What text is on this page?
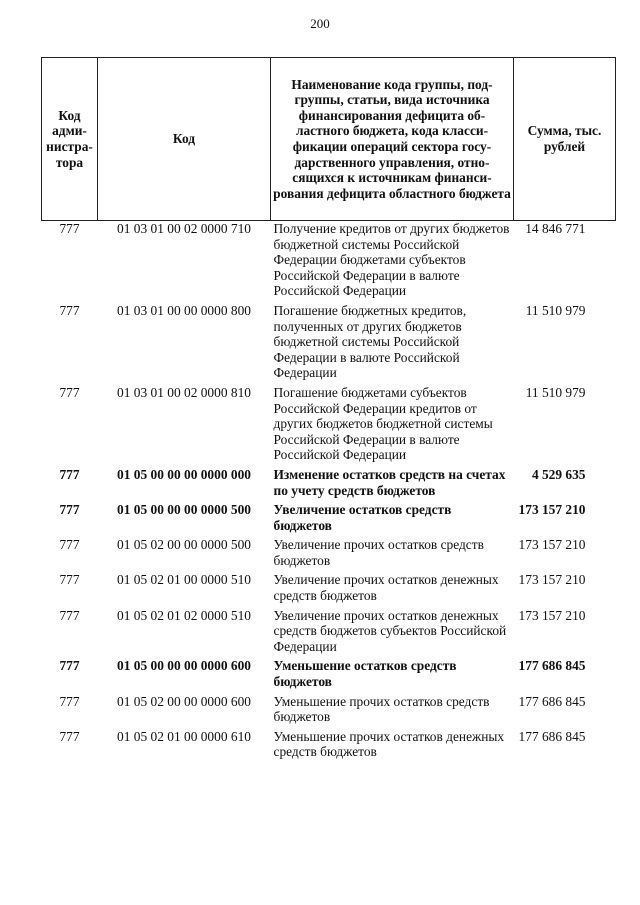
200
Код адми-нистра-тора	Код	Наименование кода группы, под-группы, статьи, вида источника финансирования дефицита об-ластного бюджета, кода класси-фикации операций сектора госу-дарственного управления, отно-сящихся к источникам финанси-рования дефицита областного бюджета	Сумма, тыс. рублей
777	01 03 01 00 02 0000 710	Получение кредитов от других бюджетов бюджетной системы Российской Федерации бюджетами субъектов Российской Федерации в валюте Российской Федерации	14 846 771
777	01 03 01 00 00 0000 800	Погашение бюджетных кредитов, полученных от других бюджетов бюджетной системы Российской Федерации в валюте Российской Федерации	11 510 979
777	01 03 01 00 02 0000 810	Погашение бюджетами субъектов Российской Федерации кредитов от других бюджетов бюджетной системы Российской Федерации в валюте Российской Федерации	11 510 979
777	01 05 00 00 00 0000 000	Изменение остатков средств на счетах по учету средств бюджетов	4 529 635
777	01 05 00 00 00 0000 500	Увеличение остатков средств бюджетов	173 157 210
777	01 05 02 00 00 0000 500	Увеличение прочих остатков средств бюджетов	173 157 210
777	01 05 02 01 00 0000 510	Увеличение прочих остатков денежных средств бюджетов	173 157 210
777	01 05 02 01 02 0000 510	Увеличение прочих остатков денежных средств бюджетов субъектов Российской Федерации	173 157 210
777	01 05 00 00 00 0000 600	Уменьшение остатков средств бюджетов	177 686 845
777	01 05 02 00 00 0000 600	Уменьшение прочих остатков средств бюджетов	177 686 845
777	01 05 02 01 00 0000 610	Уменьшение прочих остатков денежных средств бюджетов	177 686 845
